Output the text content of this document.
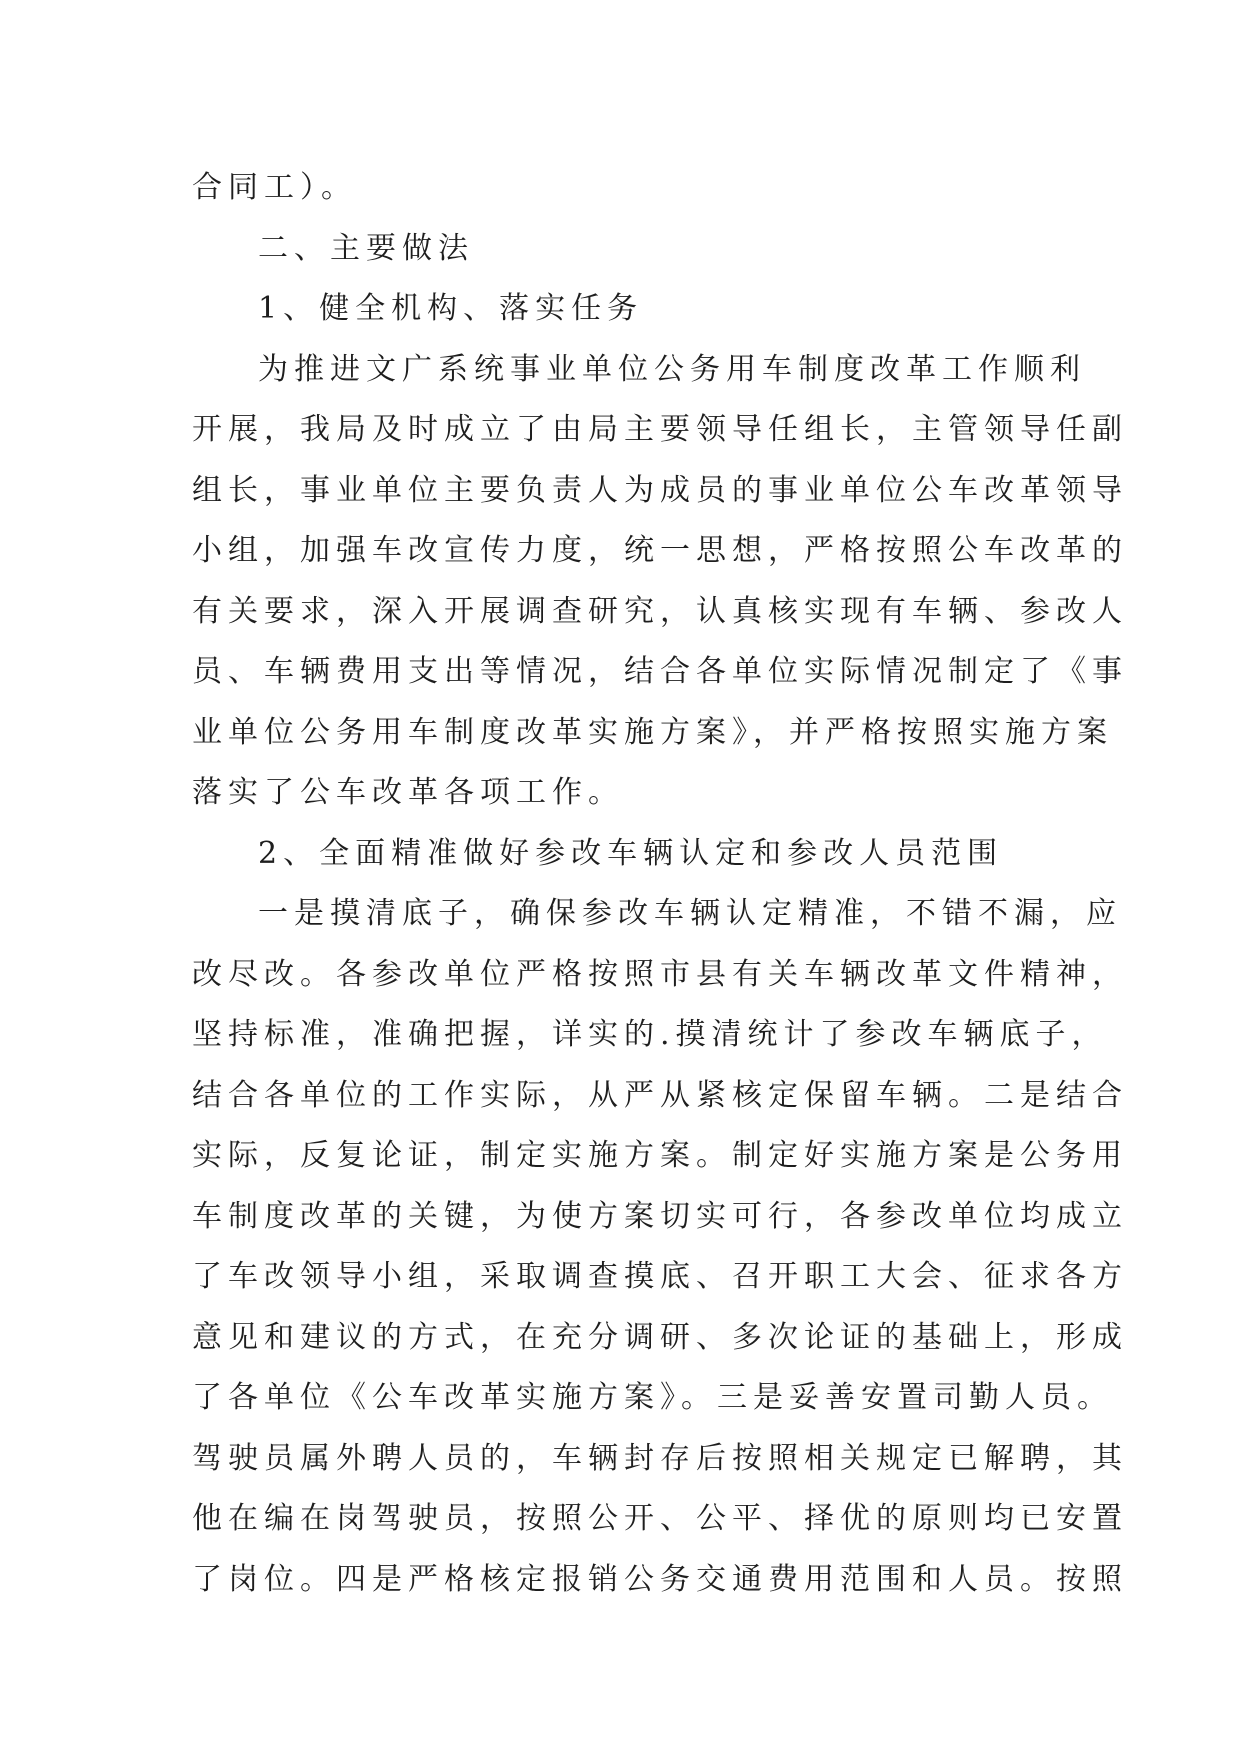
合同工）。

二、主要做法

1、健全机构、落实任务

为推进文广系统事业单位公务用车制度改革工作顺利

开展，我局及时成立了由局主要领导任组长，主管领导任副

组长，事业单位主要负责人为成员的事业单位公车改革领导

小组，加强车改宣传力度，统一思想，严格按照公车改革的

有关要求，深入开展调查研究，认真核实现有车辆、参改人

员、车辆费用支出等情况，结合各单位实际情况制定了《事

业单位公务用车制度改革实施方案》，并严格按照实施方案

落实了公车改革各项工作。

2、全面精准做好参改车辆认定和参改人员范围

一是摸清底子，确保参改车辆认定精准，不错不漏，应

改尽改。各参改单位严格按照市县有关车辆改革文件精神，

坚持标准，准确把握，详实的.摸清统计了参改车辆底子，

结合各单位的工作实际，从严从紧核定保留车辆。二是结合

实际，反复论证，制定实施方案。制定好实施方案是公务用

车制度改革的关键，为使方案切实可行，各参改单位均成立

了车改领导小组，采取调查摸底、召开职工大会、征求各方

意见和建议的方式，在充分调研、多次论证的基础上，形成

了各单位《公车改革实施方案》。三是妥善安置司勤人员。

驾驶员属外聘人员的，车辆封存后按照相关规定已解聘，其

他在编在岗驾驶员，按照公开、公平、择优的原则均已安置

了岗位。四是严格核定报销公务交通费用范围和人员。按照
